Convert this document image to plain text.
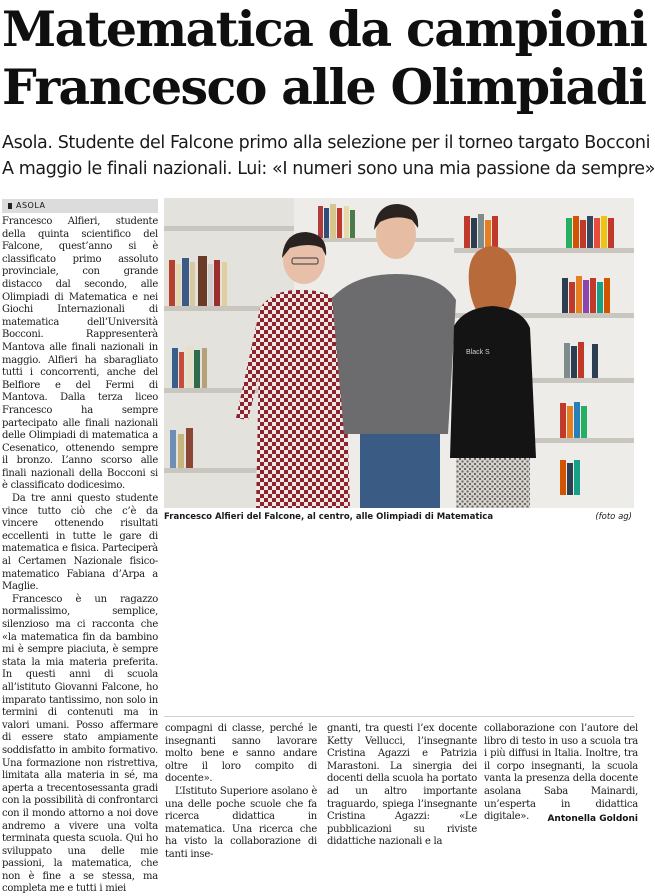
Matematica da campioni
Francesco alle Olimpiadi
Asola. Studente del Falcone primo alla selezione per il torneo targato Bocconi
A maggio le finali nazionali. Lui: «I numeri sono una mia passione da sempre»
ASOLA

Francesco Alfieri, studente della quinta scientifico del Falcone, quest’anno si è classificato primo assoluto provinciale, con grande distacco dal secondo, alle Olimpiadi di Matematica e nei Giochi Internazionali di matematica dell’Università Bocconi. Rappresenterà Mantova alle finali nazionali in maggio. Alfieri ha sbaragliato tutti i concorrenti, anche del Belfiore e del Fermi di Mantova. Dalla terza liceo Francesco ha sempre partecipato alle finali nazionali delle Olimpiadi di matematica a Cesenatico, ottenendo sempre il bronzo. L’anno scorso alle finali nazionali della Bocconi si è classificato dodicesimo.

Da tre anni questo studente vince tutto ciò che c’è da vincere ottenendo risultati eccellenti in tutte le gare di matematica e fisica. Parteciperà al Certamen Nazionale fisico-matematico Fabiana d’Arpa a Maglie.

Francesco è un ragazzo normalissimo, semplice, silenzioso ma ci racconta che «la matematica fin da bambino mi è sempre piaciuta, è sempre stata la mia materia preferita. In questi anni di scuola all’istituto Giovanni Falcone, ho imparato tantissimo, non solo in termini di contenuti ma in valori umani. Posso affermare di essere stato ampiamente soddisfatto in ambito formativo. Una formazione non ristrettiva, limitata alla materia in sé, ma aperta a trecentosessanta gradi con la possibilità di confrontarci con il mondo attorno a noi dove andremo a vivere una volta terminata questa scuola. Qui ho sviluppato una delle mie passioni, la matematica, che non è fine a se stessa, ma completa me e tutti i miei

Black S
Francesco Alfieri del Falcone, al centro, alle Olimpiadi di Matematica	(foto ag)

compagni di classe, perché le insegnanti sanno lavorare molto bene e sanno andare oltre il loro compito di docente».

L’Istituto Superiore asolano è una delle poche scuole che fa ricerca didattica in matematica. Una ricerca che ha visto la collaborazione di tanti inse-

gnanti, tra questi l’ex docente Ketty Vellucci, l’insegnante Cristina Agazzi e Patrizia Marastoni. La sinergia dei docenti della scuola ha portato ad un altro importante traguardo, spiega l’insegnante Cristina Agazzi: «Le pubblicazioni su riviste didattiche nazionali e la

collaborazione con l’autore del libro di testo in uso a scuola tra i più diffusi in Italia. Inoltre, tra il corpo insegnanti, la scuola vanta la presenza della docente asolana Saba Mainardi, un’esperta in didattica digitale».	Antonella Goldoni
